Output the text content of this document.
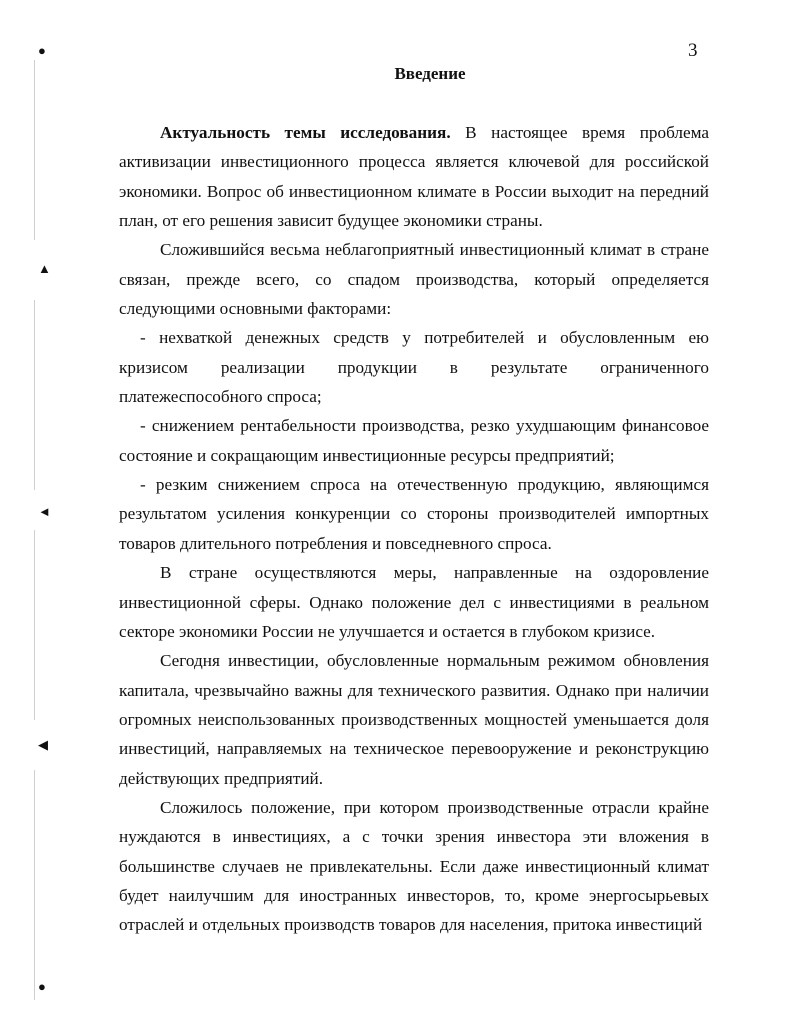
●
▲
◄
◀
●
3
Введение

Актуальность темы исследования. В настоящее время проблема активизации инвестиционного процесса является ключевой для российской экономики. Вопрос об инвестиционном климате в России выходит на передний план, от его решения зависит будущее экономики страны.

Сложившийся весьма неблагоприятный инвестиционный климат в стране связан, прежде всего, со спадом производства, который определяется следующими основными факторами:

- нехваткой денежных средств у потребителей и обусловленным ею кризисом реализации продукции в результате ограниченного платежеспособного спроса;

- снижением рентабельности производства, резко ухудшающим финансовое состояние и сокращающим инвестиционные ресурсы предприятий;

- резким снижением спроса на отечественную продукцию, являющимся результатом усиления конкуренции со стороны производителей импортных товаров длительного потребления и повседневного спроса.

В стране осуществляются меры, направленные на оздоровление инвестиционной сферы. Однако положение дел с инвестициями в реальном секторе экономики России не улучшается и остается в глубоком кризисе.

Сегодня инвестиции, обусловленные нормальным режимом обновления капитала, чрезвычайно важны для технического развития. Однако при наличии огромных неиспользованных производственных мощностей уменьшается доля инвестиций, направляемых на техническое перевооружение и реконструкцию действующих предприятий.

Сложилось положение, при котором производственные отрасли крайне нуждаются в инвестициях, а с точки зрения инвестора эти вложения в большинстве случаев не привлекательны. Если даже инвестиционный климат будет наилучшим для иностранных инвесторов, то, кроме энергосырьевых отраслей и отдельных производств товаров для населения, притока инвестиций
